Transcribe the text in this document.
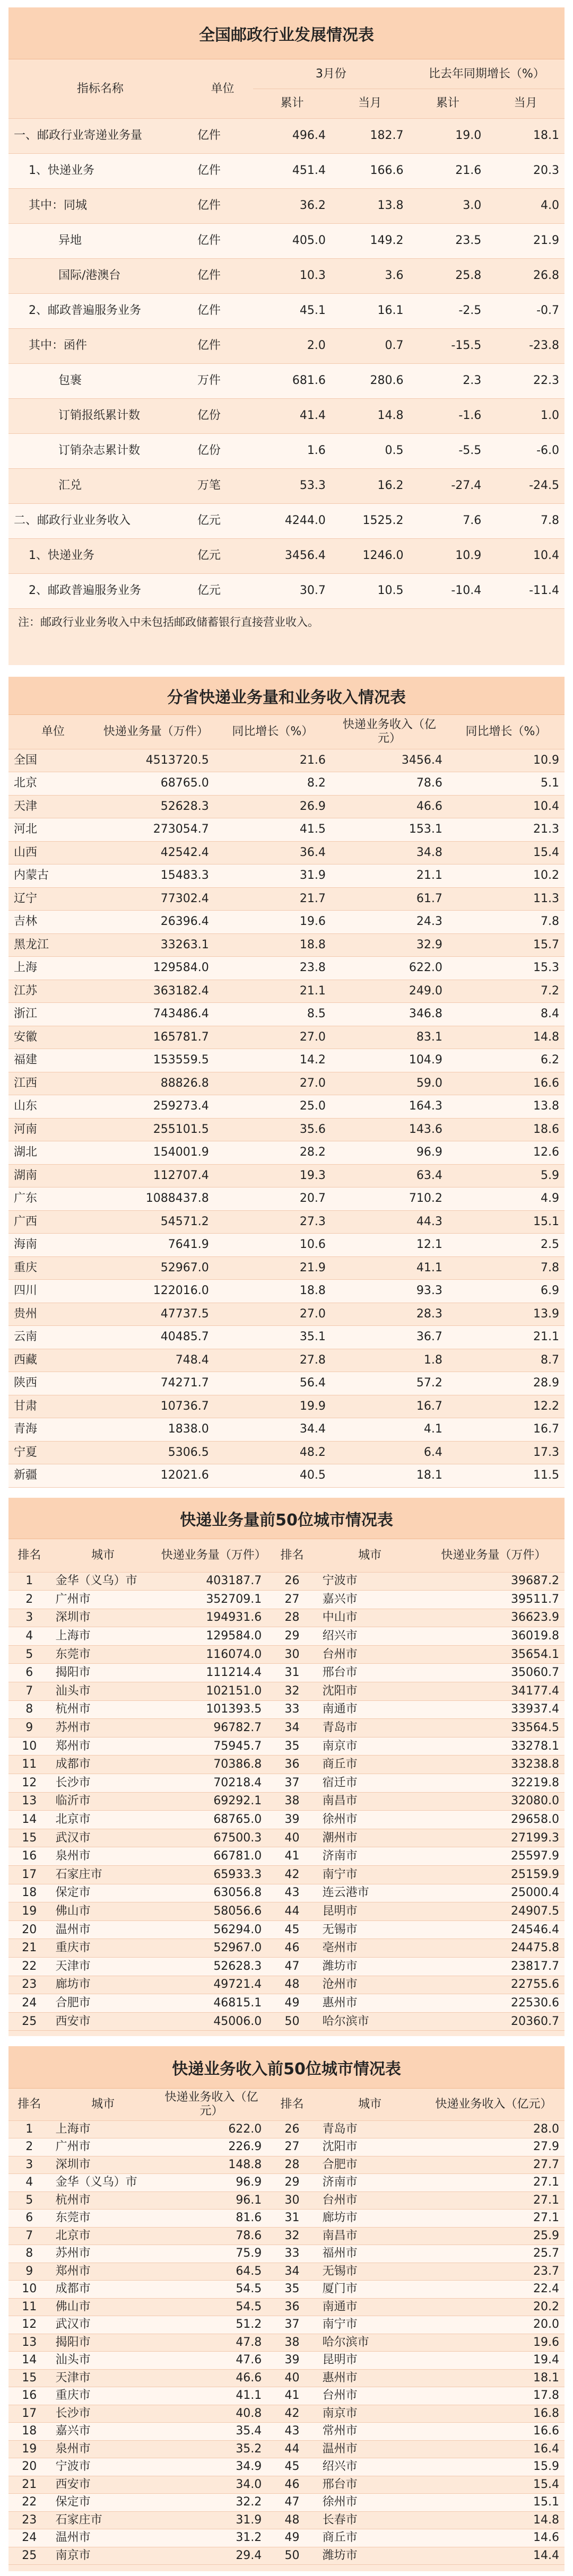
全国邮政行业发展情况表
指标名称	单位	3月份		比去年同期增长（%）	
		累计	当月	累计	当月
一、邮政行业寄递业务量	亿件	496.4	182.7	19.0	18.1
1、快递业务	亿件	451.4	166.6	21.6	20.3
其中：同城	亿件	36.2	13.8	3.0	4.0
异地	亿件	405.0	149.2	23.5	21.9
国际/港澳台	亿件	10.3	3.6	25.8	26.8
2、邮政普遍服务业务	亿件	45.1	16.1	-2.5	-0.7
其中：函件	亿件	2.0	0.7	-15.5	-23.8
包裹	万件	681.6	280.6	2.3	22.3
订销报纸累计数	亿份	41.4	14.8	-1.6	1.0
订销杂志累计数	亿份	1.6	0.5	-5.5	-6.0
汇兑	万笔	53.3	16.2	-27.4	-24.5
二、邮政行业业务收入	亿元	4244.0	1525.2	7.6	7.8
1、快递业务	亿元	3456.4	1246.0	10.9	10.4
2、邮政普遍服务业务	亿元	30.7	10.5	-10.4	-11.4
注：邮政行业业务收入中未包括邮政储蓄银行直接营业收入。
分省快递业务量和业务收入情况表
单位	快递业务量（万件）	同比增长（%）	快递业务收入（亿元）	同比增长（%）
全国	4513720.5	21.6	3456.4	10.9
北京	68765.0	8.2	78.6	5.1
天津	52628.3	26.9	46.6	10.4
河北	273054.7	41.5	153.1	21.3
山西	42542.4	36.4	34.8	15.4
内蒙古	15483.3	31.9	21.1	10.2
辽宁	77302.4	21.7	61.7	11.3
吉林	26396.4	19.6	24.3	7.8
黑龙江	33263.1	18.8	32.9	15.7
上海	129584.0	23.8	622.0	15.3
江苏	363182.4	21.1	249.0	7.2
浙江	743486.4	8.5	346.8	8.4
安徽	165781.7	27.0	83.1	14.8
福建	153559.5	14.2	104.9	6.2
江西	88826.8	27.0	59.0	16.6
山东	259273.4	25.0	164.3	13.8
河南	255101.5	35.6	143.6	18.6
湖北	154001.9	28.2	96.9	12.6
湖南	112707.4	19.3	63.4	5.9
广东	1088437.8	20.7	710.2	4.9
广西	54571.2	27.3	44.3	15.1
海南	7641.9	10.6	12.1	2.5
重庆	52967.0	21.9	41.1	7.8
四川	122016.0	18.8	93.3	6.9
贵州	47737.5	27.0	28.3	13.9
云南	40485.7	35.1	36.7	21.1
西藏	748.4	27.8	1.8	8.7
陕西	74271.7	56.4	57.2	28.9
甘肃	10736.7	19.9	16.7	12.2
青海	1838.0	34.4	4.1	16.7
宁夏	5306.5	48.2	6.4	17.3
新疆	12021.6	40.5	18.1	11.5
快递业务量前50位城市情况表
排名	城市	快递业务量（万件）	排名	城市	快递业务量（万件）
1	金华（义乌）市	403187.7	26	宁波市	39687.2
2	广州市	352709.1	27	嘉兴市	39511.7
3	深圳市	194931.6	28	中山市	36623.9
4	上海市	129584.0	29	绍兴市	36019.8
5	东莞市	116074.0	30	台州市	35654.1
6	揭阳市	111214.4	31	邢台市	35060.7
7	汕头市	102151.0	32	沈阳市	34177.4
8	杭州市	101393.5	33	南通市	33937.4
9	苏州市	96782.7	34	青岛市	33564.5
10	郑州市	75945.7	35	南京市	33278.1
11	成都市	70386.8	36	商丘市	33238.8
12	长沙市	70218.4	37	宿迁市	32219.8
13	临沂市	69292.1	38	南昌市	32080.0
14	北京市	68765.0	39	徐州市	29658.0
15	武汉市	67500.3	40	潮州市	27199.3
16	泉州市	66781.0	41	济南市	25597.9
17	石家庄市	65933.3	42	南宁市	25159.9
18	保定市	63056.8	43	连云港市	25000.4
19	佛山市	58056.6	44	昆明市	24907.5
20	温州市	56294.0	45	无锡市	24546.4
21	重庆市	52967.0	46	亳州市	24475.8
22	天津市	52628.3	47	潍坊市	23817.7
23	廊坊市	49721.4	48	沧州市	22755.6
24	合肥市	46815.1	49	惠州市	22530.6
25	西安市	45006.0	50	哈尔滨市	20360.7
快递业务收入前50位城市情况表
排名	城市	快递业务收入（亿元）	排名	城市	快递业务收入（亿元）
1	上海市	622.0	26	青岛市	28.0
2	广州市	226.9	27	沈阳市	27.9
3	深圳市	148.8	28	合肥市	27.7
4	金华（义乌）市	96.9	29	济南市	27.1
5	杭州市	96.1	30	台州市	27.1
6	东莞市	81.6	31	廊坊市	27.1
7	北京市	78.6	32	南昌市	25.9
8	苏州市	75.9	33	福州市	25.7
9	郑州市	64.5	34	无锡市	23.7
10	成都市	54.5	35	厦门市	22.4
11	佛山市	54.5	36	南通市	20.2
12	武汉市	51.2	37	南宁市	20.0
13	揭阳市	47.8	38	哈尔滨市	19.6
14	汕头市	47.6	39	昆明市	19.4
15	天津市	46.6	40	惠州市	18.1
16	重庆市	41.1	41	台州市	17.8
17	长沙市	40.8	42	南京市	16.8
18	嘉兴市	35.4	43	常州市	16.6
19	泉州市	35.2	44	温州市	16.4
20	宁波市	34.9	45	绍兴市	15.9
21	西安市	34.0	46	邢台市	15.4
22	保定市	32.2	47	徐州市	15.1
23	石家庄市	31.9	48	长春市	14.8
24	温州市	31.2	49	商丘市	14.6
25	南京市	29.4	50	潍坊市	14.4
